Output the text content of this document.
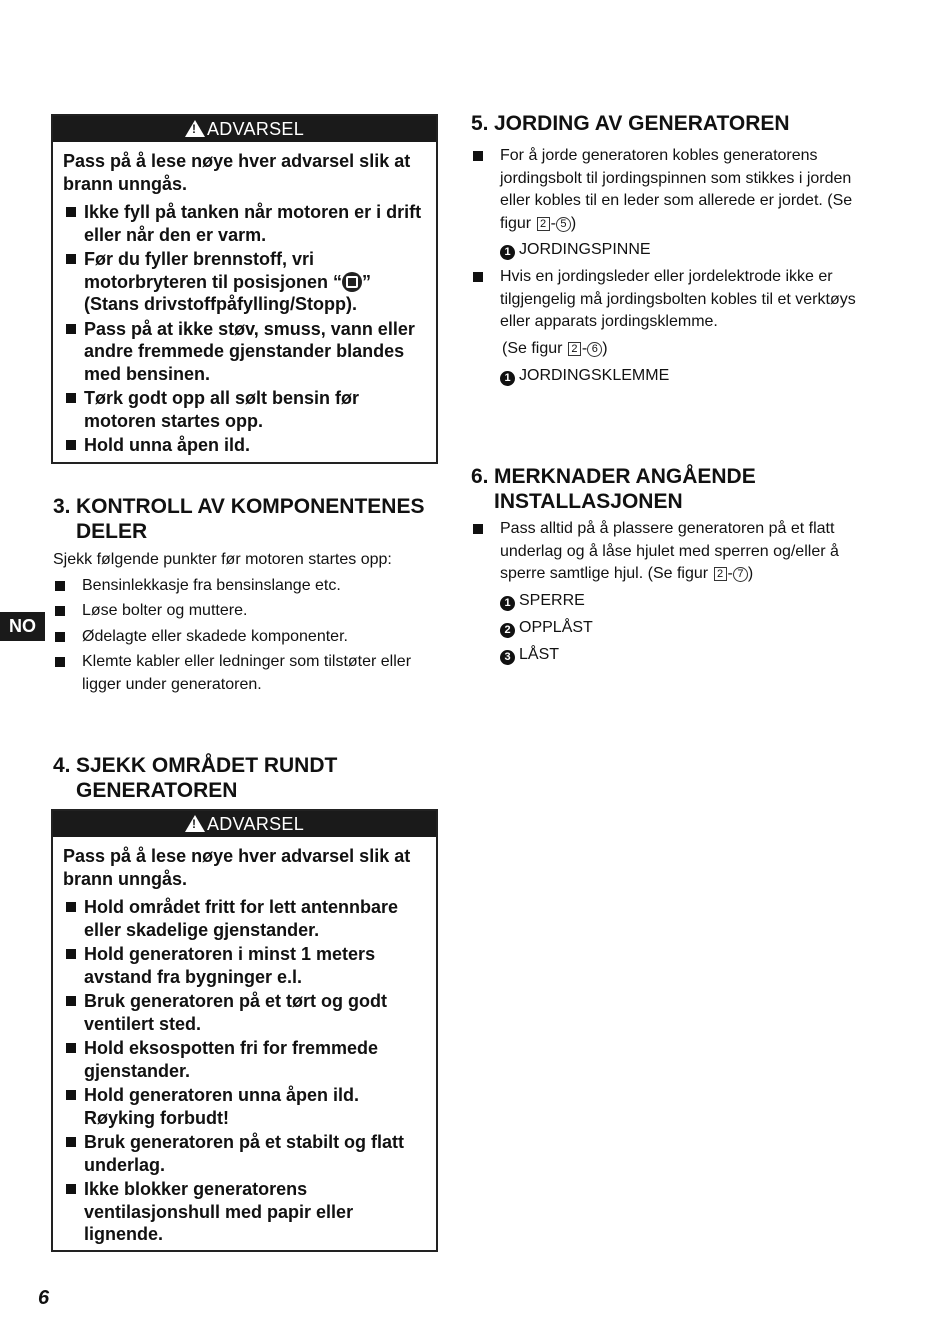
!ADVARSEL

Pass på å lese nøye hver advarsel slik at brann unngås.

Ikke fyll på tanken når motoren er i drift eller når den er varm.
Før du fyller brennstoff, vri motorbryteren til posisjonen “ ”
(Stans drivstoffpåfylling/Stopp).
Pass på at ikke støv, smuss, vann eller andre fremmede gjenstander blandes med bensinen.
Tørk godt opp all sølt bensin før motoren startes opp.
Hold unna åpen ild.
3. KONTROLL AV KOMPONENTENES
DELER
Sjekk følgende punkter før motoren startes opp:
Bensinlekkasje fra bensinslange etc.
Løse bolter og muttere.
Ødelagte eller skadede komponenter.
Klemte kabler eller ledninger som tilstøter eller ligger under generatoren.
NO
4. SJEKK OMRÅDET RUNDT
GENERATOREN
!ADVARSEL

Pass på å lese nøye hver advarsel slik at brann unngås.

Hold området fritt for lett antennbare eller skadelige gjenstander.
Hold generatoren i minst 1 meters avstand fra bygninger e.l.
Bruk generatoren på et tørt og godt ventilert sted.
Hold eksospotten fri for fremmede gjenstander.
Hold generatoren unna åpen ild. Røyking forbudt!
Bruk generatoren på et stabilt og flatt underlag.
Ikke blokker generatorens ventilasjonshull med papir eller lignende.
5. JORDING AV GENERATOREN
For å jorde generatoren kobles generatorens jordingsbolt til jordingspinnen som stikkes i jorden eller kobles til en leder som allerede er jordet. (Se figur 2 - 5 )
1 JORDINGSPINNE
Hvis en jordingsleder eller jordelektrode ikke er tilgjengelig må jordingsbolten kobles til et verktøys eller apparats jordingsklemme.
(Se figur 2 - 6 )
1 JORDINGSKLEMME
6. MERKNADER ANGÅENDE
INSTALLASJONEN
Pass alltid på å plassere generatoren på et flatt underlag og å låse hjulet med sperren og/eller å sperre samtlige hjul. (Se figur 2 - 7 )
1 SPERRE
2 OPPLÅST
3 LÅST
6
